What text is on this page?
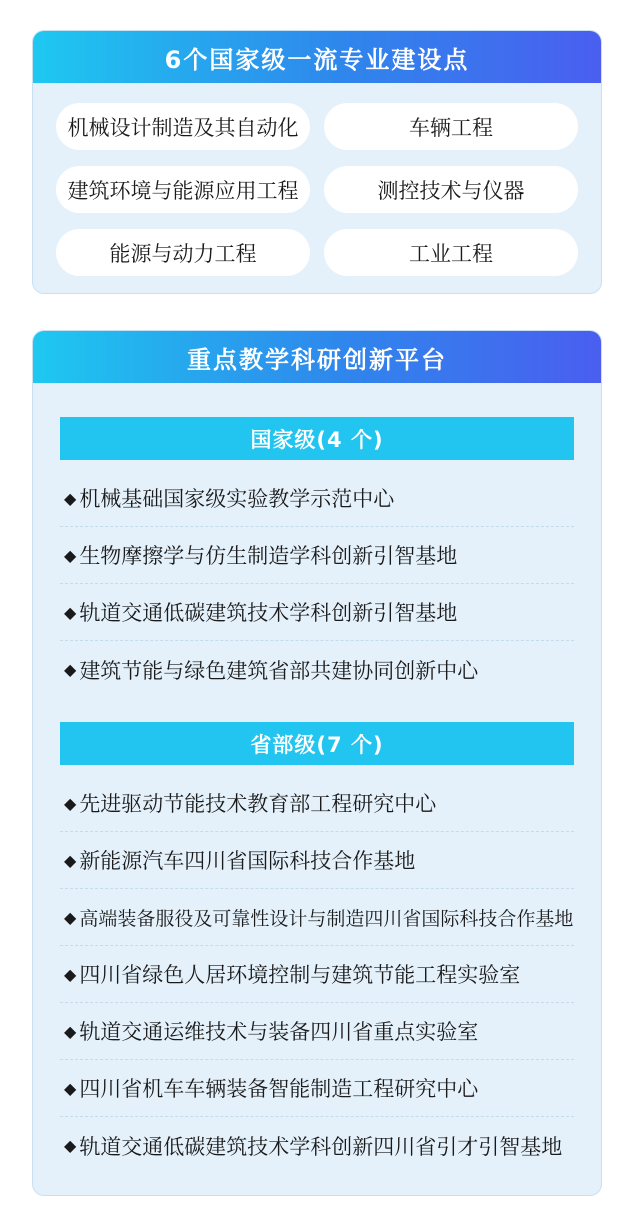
6个国家级一流专业建设点
机械设计制造及其自动化	车辆工程
建筑环境与能源应用工程	测控技术与仪器
能源与动力工程	工业工程
重点教学科研创新平台
国家级(4 个)
◆ 机械基础国家级实验教学示范中心
◆ 生物摩擦学与仿生制造学科创新引智基地
◆ 轨道交通低碳建筑技术学科创新引智基地
◆ 建筑节能与绿色建筑省部共建协同创新中心
省部级(7 个)
◆ 先进驱动节能技术教育部工程研究中心
◆ 新能源汽车四川省国际科技合作基地
◆ 高端装备服役及可靠性设计与制造四川省国际科技合作基地
◆ 四川省绿色人居环境控制与建筑节能工程实验室
◆ 轨道交通运维技术与装备四川省重点实验室
◆ 四川省机车车辆装备智能制造工程研究中心
◆ 轨道交通低碳建筑技术学科创新四川省引才引智基地
